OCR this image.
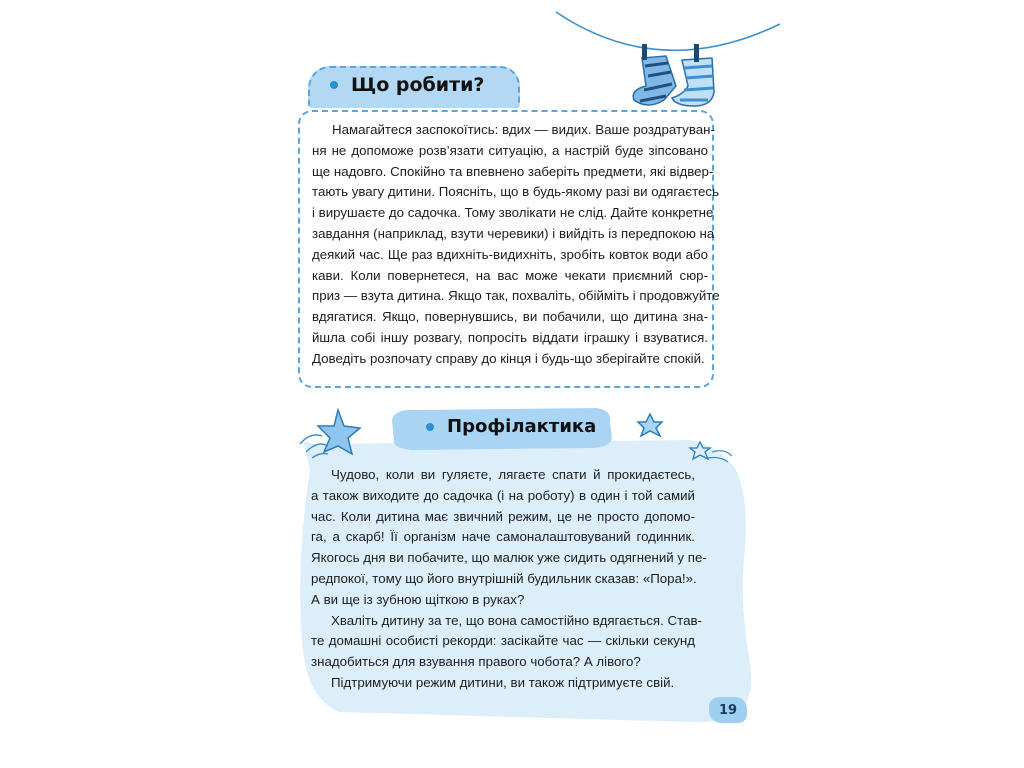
Що робити?
Намагайтеся заспокоїтись: вдих — видих. Ваше роздратуван-
ня не допоможе розв’язати ситуацію, а настрій буде зіпсовано
ще надовго. Спокійно та впевнено заберіть предмети, які відвер-
тають увагу дитини. Поясніть, що в будь-якому разі ви одягаєтесь
і вирушаєте до садочка. Тому зволікати не слід. Дайте конкретне
завдання (наприклад, взути черевики) і вийдіть із передпокою на
деякий час. Ще раз вдихніть-видихніть, зробіть ковток води або
кави. Коли повернетеся, на вас може чекати приємний сюр-
приз — взута дитина. Якщо так, похваліть, обійміть і продовжуйте
вдягатися. Якщо, повернувшись, ви побачили, що дитина зна-
йшла собі іншу розвагу, попросіть віддати іграшку і взуватися.
Доведіть розпочату справу до кінця і будь-що зберігайте спокій.
Профілактика
Чудово, коли ви гуляєте, лягаєте спати й прокидаєтесь,
а також виходите до садочка (і на роботу) в один і той самий
час. Коли дитина має звичний режим, це не просто допомо-
га, а скарб! Її організм наче самоналаштовуваний годинник.
Якогось дня ви побачите, що малюк уже сидить одягнений у пе-
редпокої, тому що його внутрішній будильник сказав: «Пора!».
А ви ще із зубною щіткою в руках?
Хваліть дитину за те, що вона самостійно вдягається. Став-
те домашні особисті рекорди: засікайте час — скільки секунд
знадобиться для взування правого чобота? А лівого?
Підтримуючи режим дитини, ви також підтримуєте свій.
19
